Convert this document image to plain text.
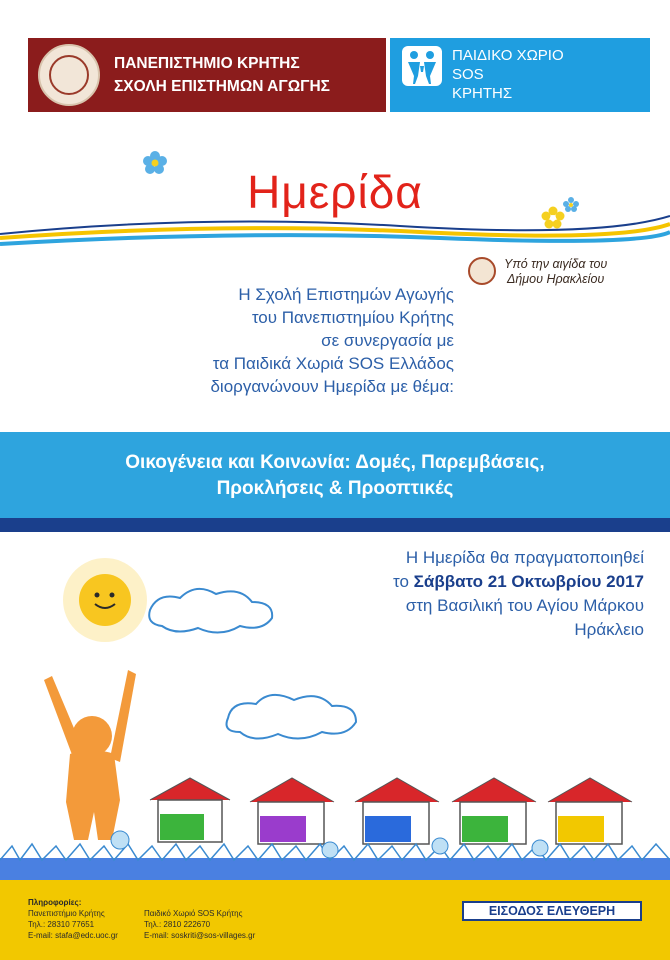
ΠΑΝΕΠΙΣΤΗΜΙΟ ΚΡΗΤΗΣ
ΣΧΟΛΗ ΕΠΙΣΤΗΜΩΝ ΑΓΩΓΗΣ
ΠΑΙΔΙΚΟ ΧΩΡΙΟ
SOS
ΚΡΗΤΗΣ
Ημερίδα
Υπό την αιγίδα του
Δήμου Ηρακλείου
Η Σχολή Επιστημών Αγωγής
του Πανεπιστημίου Κρήτης
σε συνεργασία με
τα Παιδικά Χωριά SOS Ελλάδος
διοργανώνουν Ημερίδα με θέμα:
Οικογένεια και Κοινωνία: Δομές, Παρεμβάσεις,
Προκλήσεις & Προοπτικές
Η Ημερίδα θα πραγματοποιηθεί
το Σάββατο 21 Οκτωβρίου 2017
στη Βασιλική του Αγίου Μάρκου
Ηράκλειο
Πληροφορίες:
Πανεπιστήμιο Κρήτης
Τηλ.: 28310 77651
E-mail: stafa@edc.uoc.gr
Παιδικό Χωριό SOS Κρήτης
Τηλ.: 2810 222670
E-mail: soskriti@sos-villages.gr
ΕΙΣΟΔΟΣ ΕΛΕΥΘΕΡΗ
